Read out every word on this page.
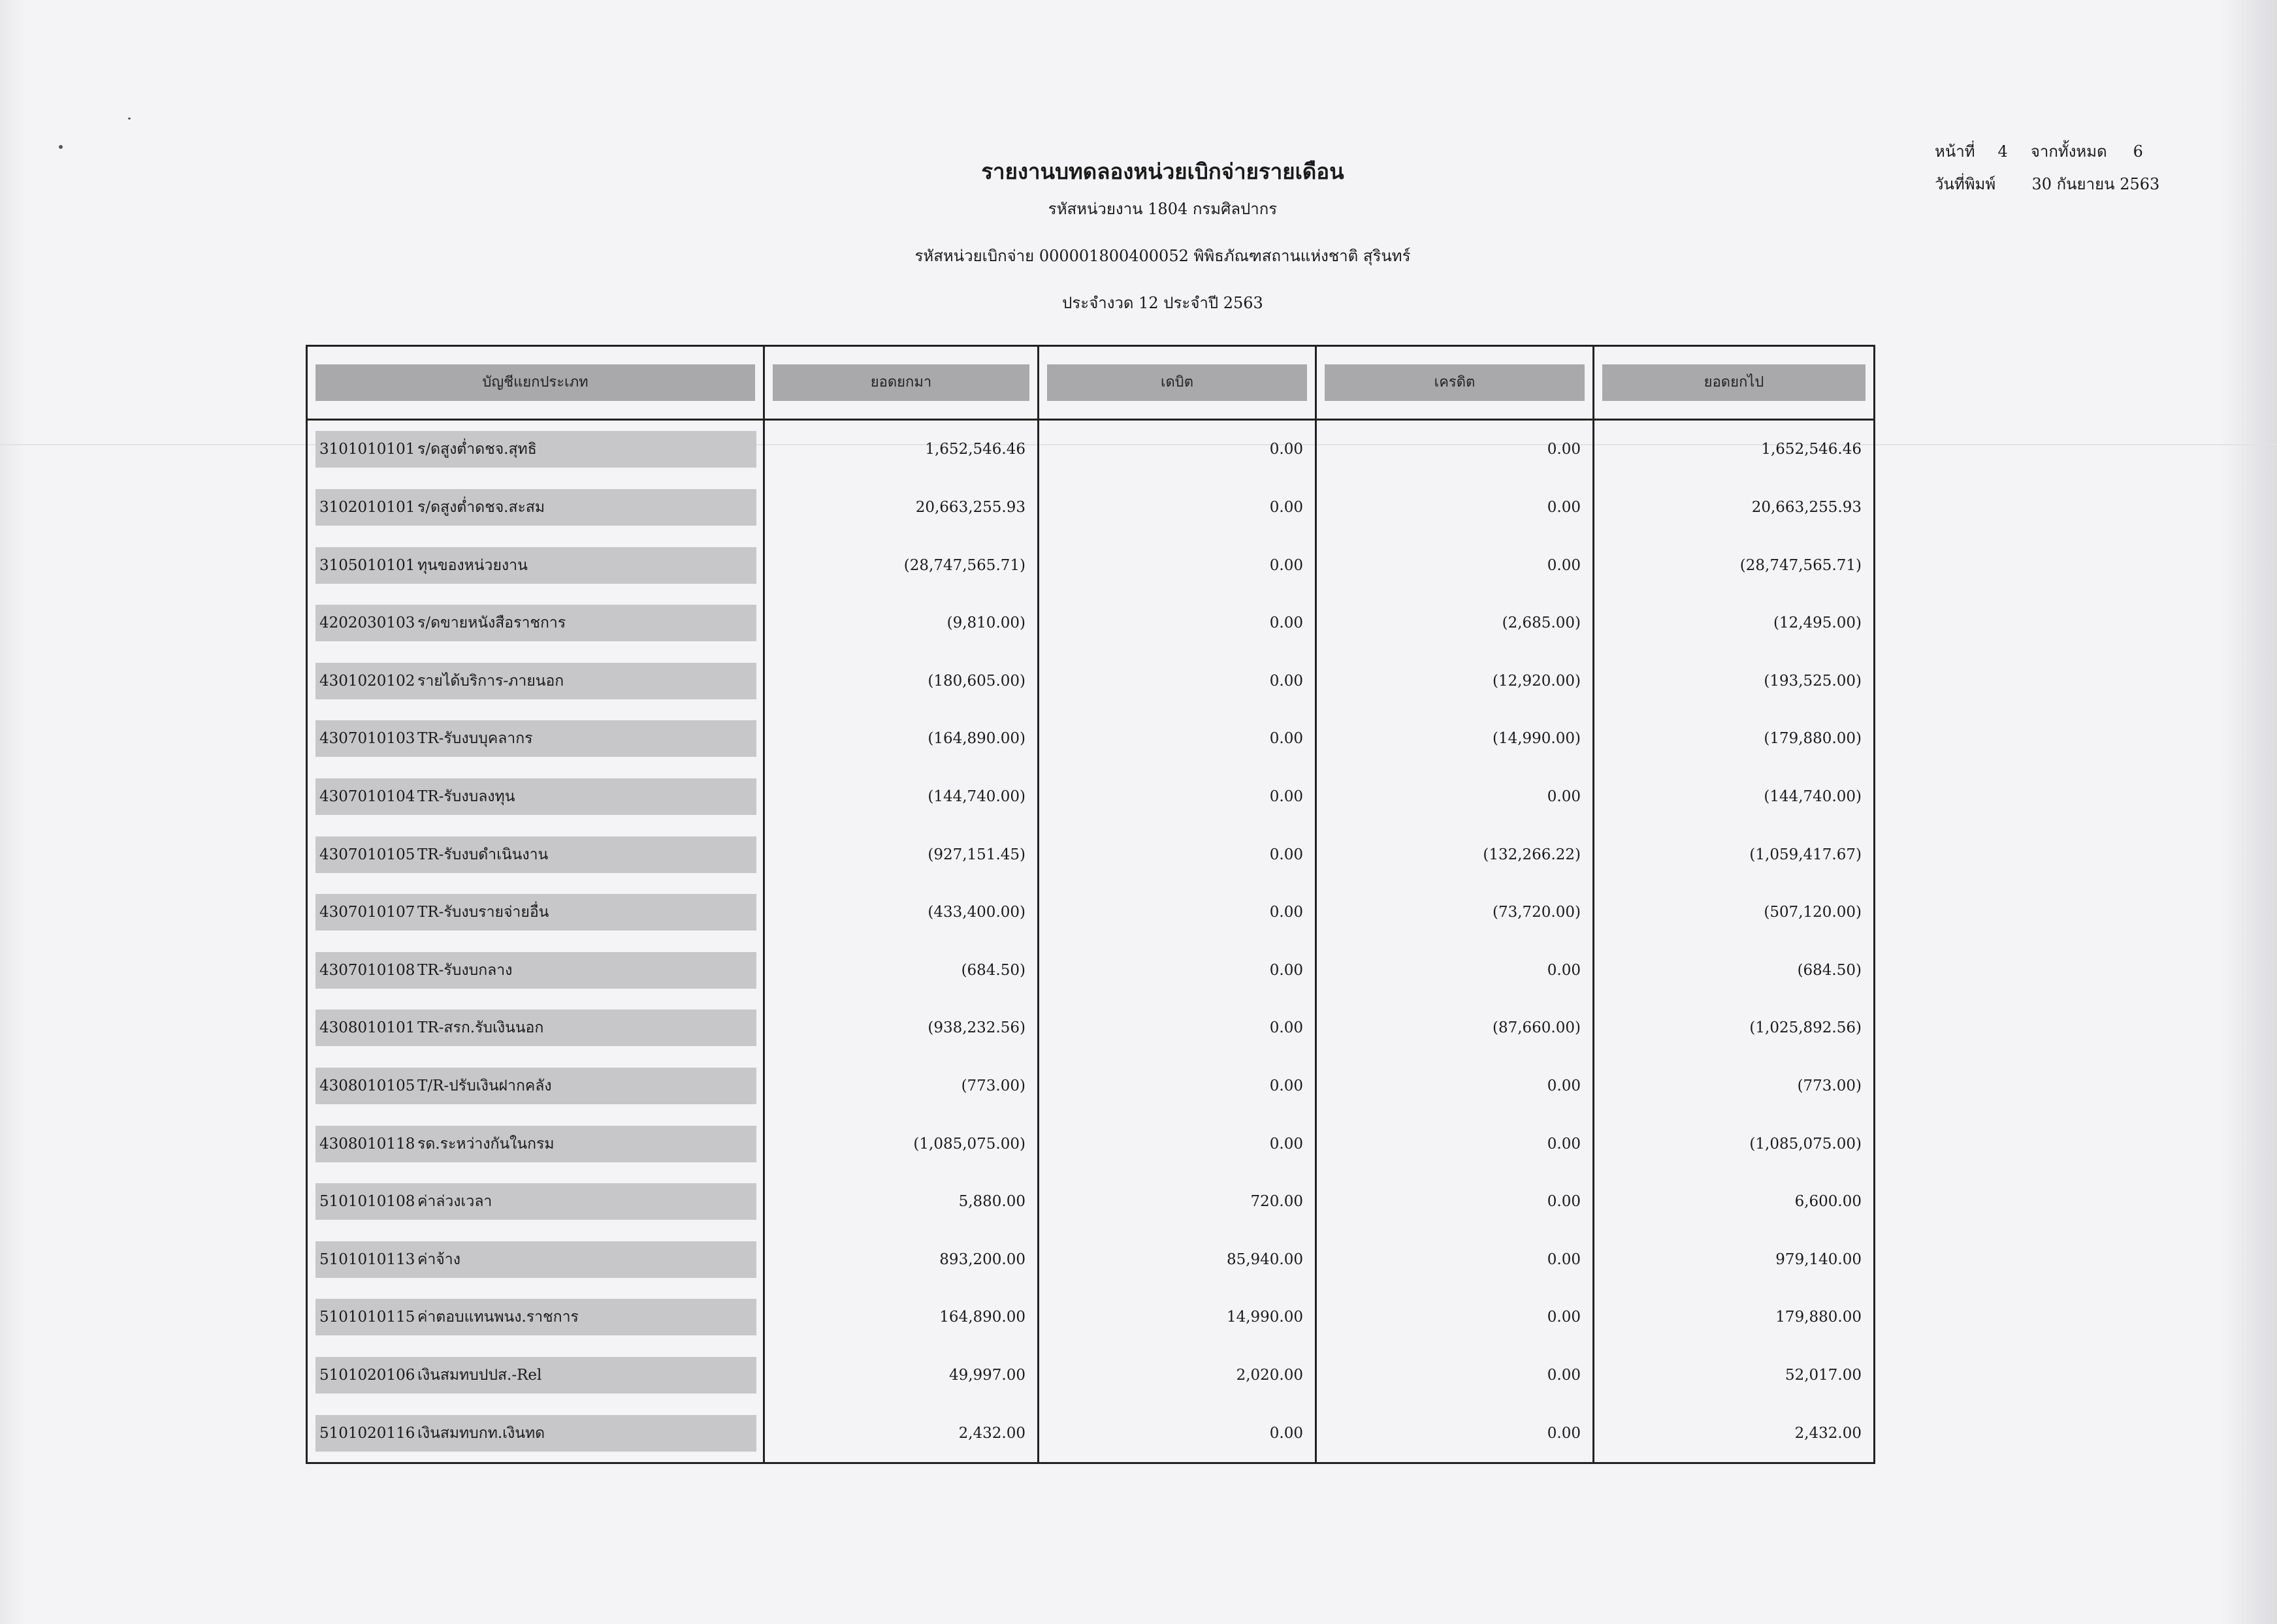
รายงานบทดลองหน่วยเบิกจ่ายรายเดือน
รหัสหน่วยงาน 1804 กรมศิลปากร
รหัสหน่วยเบิกจ่าย 000001800400052 พิพิธภัณฑสถานแห่งชาติ สุรินทร์
ประจำงวด 12 ประจำปี 2563
หน้าที่ 4 จากทั้งหมด 6
วันที่พิมพ์ 30 กันยายน 2563
บัญชีแยกประเภท	ยอดยกมา	เดบิต	เครดิต	ยอดยกไป

3101010101 ร/ดสูงต่ำดชจ.สุทธิ	1,652,546.46	0.00	0.00	1,652,546.46

3102010101 ร/ดสูงต่ำดชจ.สะสม	20,663,255.93	0.00	0.00	20,663,255.93

3105010101 ทุนของหน่วยงาน	(28,747,565.71)	0.00	0.00	(28,747,565.71)

4202030103 ร/ดขายหนังสือราชการ	(9,810.00)	0.00	(2,685.00)	(12,495.00)

4301020102 รายได้บริการ-ภายนอก	(180,605.00)	0.00	(12,920.00)	(193,525.00)

4307010103 TR-รับงบบุคลากร	(164,890.00)	0.00	(14,990.00)	(179,880.00)

4307010104 TR-รับงบลงทุน	(144,740.00)	0.00	0.00	(144,740.00)

4307010105 TR-รับงบดำเนินงาน	(927,151.45)	0.00	(132,266.22)	(1,059,417.67)

4307010107 TR-รับงบรายจ่ายอื่น	(433,400.00)	0.00	(73,720.00)	(507,120.00)

4307010108 TR-รับงบกลาง	(684.50)	0.00	0.00	(684.50)

4308010101 TR-สรก.รับเงินนอก	(938,232.56)	0.00	(87,660.00)	(1,025,892.56)

4308010105 T/R-ปรับเงินฝากคลัง	(773.00)	0.00	0.00	(773.00)

4308010118 รด.ระหว่างกันในกรม	(1,085,075.00)	0.00	0.00	(1,085,075.00)

5101010108 ค่าล่วงเวลา	5,880.00	720.00	0.00	6,600.00

5101010113 ค่าจ้าง	893,200.00	85,940.00	0.00	979,140.00

5101010115 ค่าตอบแทนพนง.ราชการ	164,890.00	14,990.00	0.00	179,880.00

5101020106 เงินสมทบปปส.-Rel	49,997.00	2,020.00	0.00	52,017.00

5101020116 เงินสมทบกท.เงินทด	2,432.00	0.00	0.00	2,432.00
